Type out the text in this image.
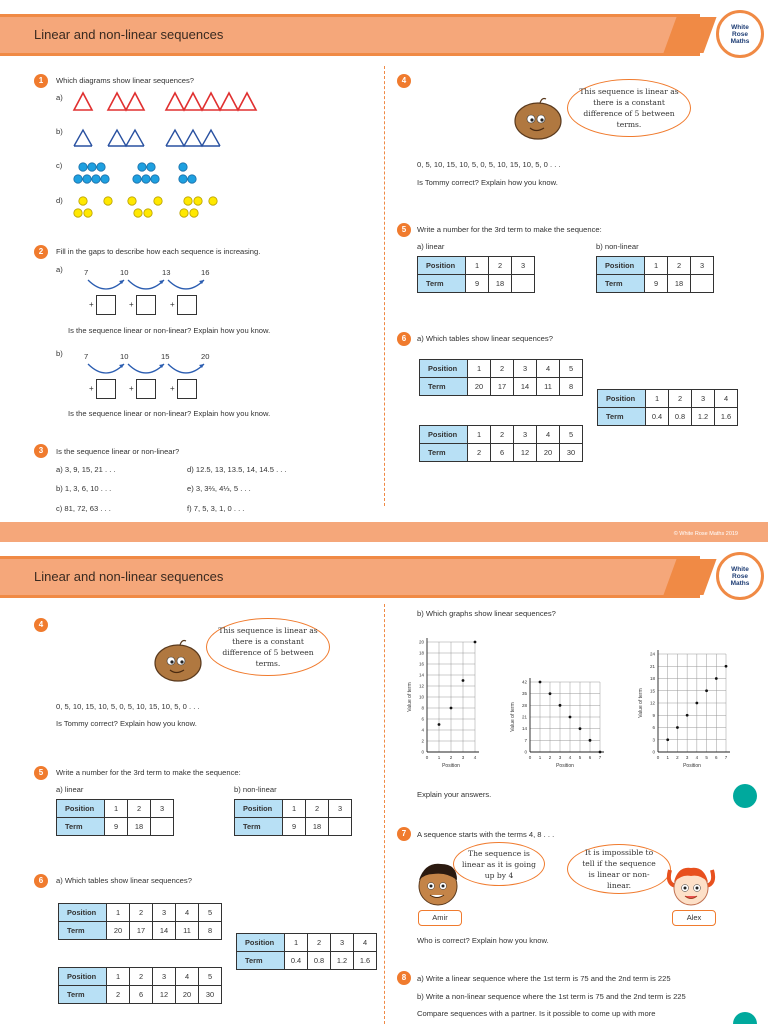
Linear and non-linear sequences	White
Rose
Maths
1	Which diagrams show linear sequences?
a)
b)
c)
d)
2	Fill in the gaps to describe how each sequence is increasing.
a)	7	10	13	16
+	+	+
Is the sequence linear or non-linear? Explain how you know.
b)	7	10	15	20
+	+	+
Is the sequence linear or non-linear? Explain how you know.
3	Is the sequence linear or non-linear?
a) 3, 9, 15, 21 . . .
b) 1, 3, 6, 10 . . .
c) 81, 72, 63 . . .
d) 12.5, 13, 13.5, 14, 14.5 . . .
e) 3, 3⅔, 4⅓, 5 . . .
f) 7, 5, 3, 1, 0 . . .
4
This sequence is linear as there is a constant difference of 5 between terms.
0, 5, 10, 15, 10, 5, 0, 5, 10, 15, 10, 5, 0 . . .
Is Tommy correct? Explain how you know.
5	Write a number for the 3rd term to make the sequence:
a) linear	b) non-linear
Position	1	2	3
Term	9	18	
Position	1	2	3
Term	9	18	
6	a) Which tables show linear sequences?
Position	1	2	3	4	5
Term	20	17	14	11	8
Position	1	2	3	4	5
Term	2	6	12	20	30
Position	1	2	3	4
Term	0.4	0.8	1.2	1.6
© White Rose Maths 2019
Linear and non-linear sequences	White
Rose
Maths
4
This sequence is linear as there is a constant difference of 5 between terms.
0, 5, 10, 15, 10, 5, 0, 5, 10, 15, 10, 5, 0 . . .
Is Tommy correct? Explain how you know.
5	Write a number for the 3rd term to make the sequence:
a) linear	b) non-linear
Position	1	2	3
Term	9	18	
Position	1	2	3
Term	9	18	
6	a) Which tables show linear sequences?
Position	1	2	3	4	5
Term	20	17	14	11	8
Position	1	2	3	4	5
Term	2	6	12	20	30
Position	1	2	3	4
Term	0.4	0.8	1.2	1.6
b) Which graphs show linear sequences?
0 1 2 3 4
0
2
4
6
8
10
12
14
16
18
20
Position
Value of term
0 1 2 3 4 5 6 7
0
7
14
21
28
35
42
Position
Value of term
0 1 2 3 4 5 6 7
0
3
6
9
12
15
18
21
24
Position
Value of term
Explain your answers.
7	A sequence starts with the terms 4, 8 . . .
The sequence is linear as it is going up by 4
It is impossible to tell if the sequence is linear or non-linear.
Amir	Alex
Who is correct? Explain how you know.
8	a) Write a linear sequence where the 1st term is 75 and the 2nd term is 225
b) Write a non-linear sequence where the 1st term is 75 and the 2nd term is 225
Compare sequences with a partner. Is it possible to come up with more
